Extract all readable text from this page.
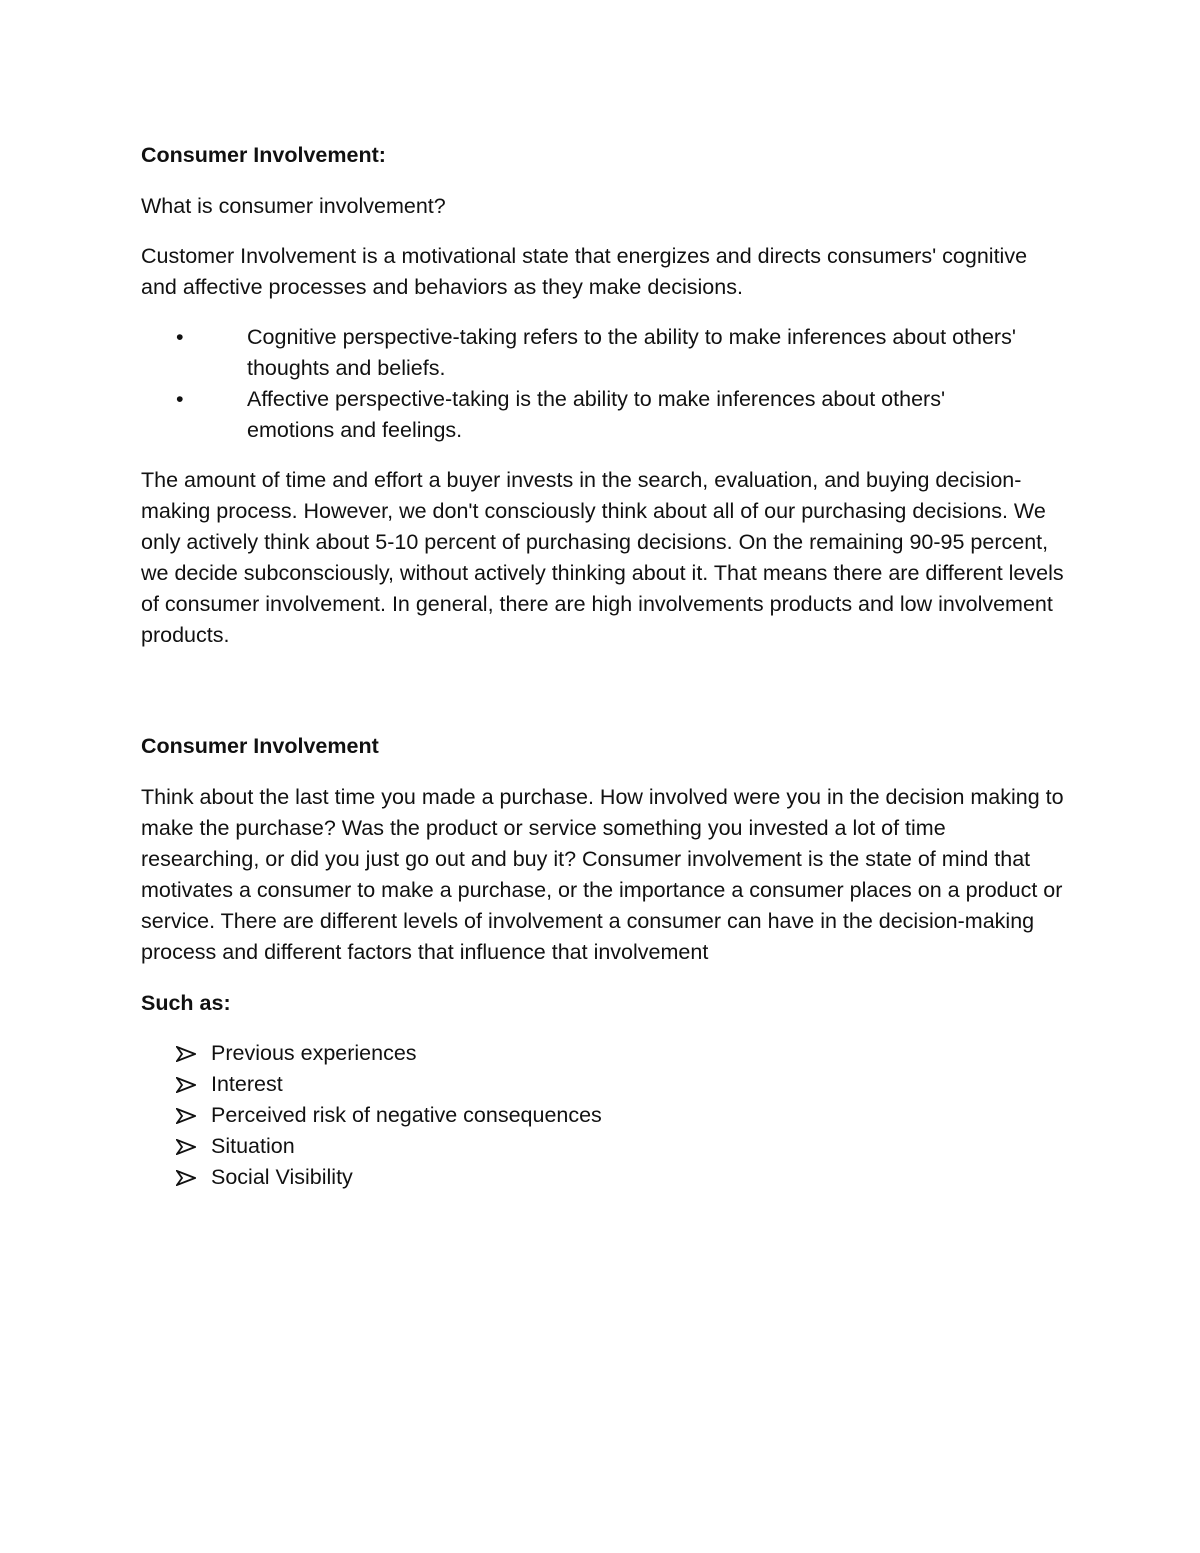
Consumer Involvement:

What is consumer involvement?

Customer Involvement is a motivational state that energizes and directs consumers' cognitive and affective processes and behaviors as they make decisions.

•	Cognitive perspective-taking refers to the ability to make inferences about others' thoughts and beliefs.
•	Affective perspective-taking is the ability to make inferences about others' emotions and feelings.

The amount of time and effort a buyer invests in the search, evaluation, and buying decision-making process. However, we don't consciously think about all of our purchasing decisions. We only actively think about 5-10 percent of purchasing decisions. On the remaining 90-95 percent, we decide subconsciously, without actively thinking about it. That means there are different levels of consumer involvement. In general, there are high involvements products and low involvement products.

Consumer Involvement

Think about the last time you made a purchase. How involved were you in the decision making to make the purchase? Was the product or service something you invested a lot of time researching, or did you just go out and buy it? Consumer involvement is the state of mind that motivates a consumer to make a purchase, or the importance a consumer places on a product or service. There are different levels of involvement a consumer can have in the decision-making process and different factors that influence that involvement

Such as:
Previous experiences
Interest
Perceived risk of negative consequences
Situation
Social Visibility
